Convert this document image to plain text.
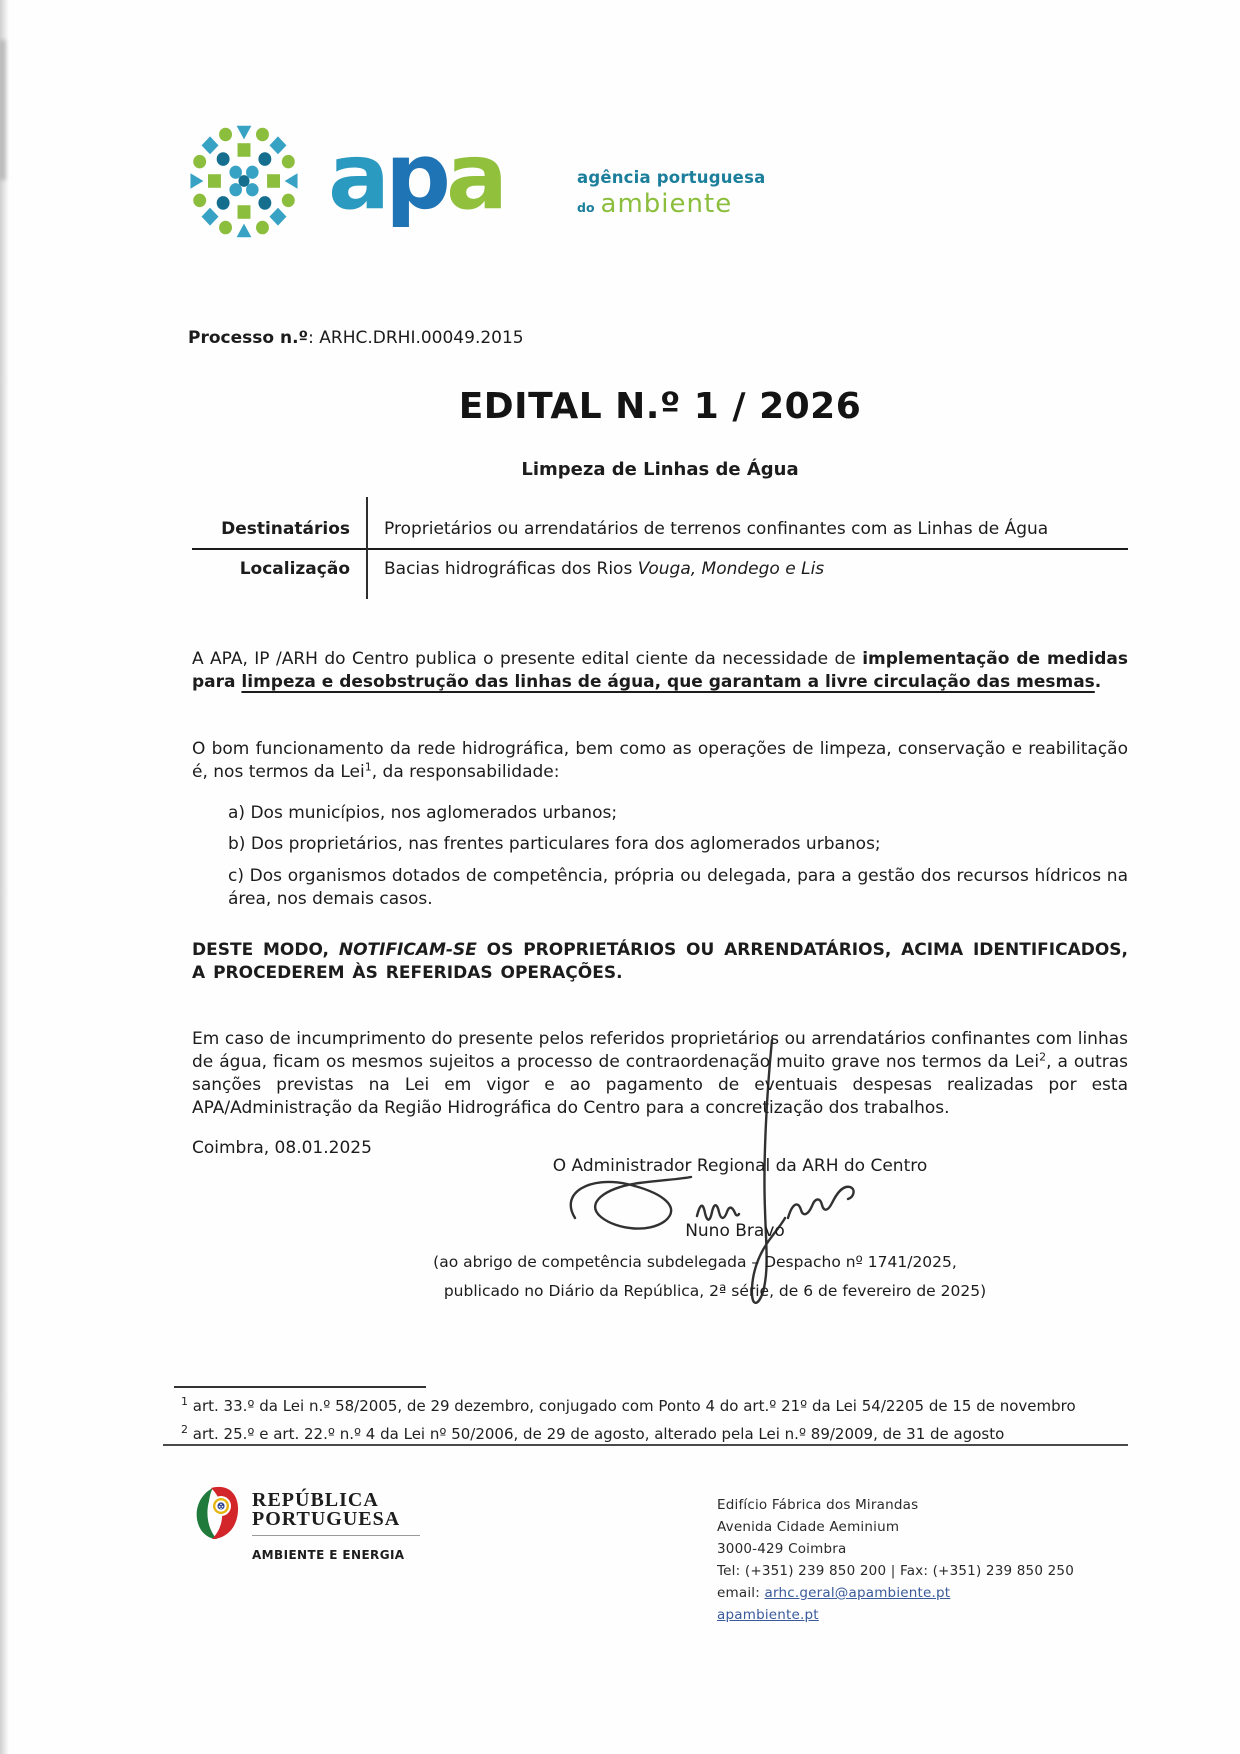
apa	agência portuguesa
do ambiente
Processo n.º: ARHC.DRHI.00049.2015
EDITAL N.º 1 / 2026
Limpeza de Linhas de Água
Destinatários	Proprietários ou arrendatários de terrenos confinantes com as Linhas de Água
Localização	Bacias hidrográficas dos Rios Vouga, Mondego e Lis

A APA, IP /ARH do Centro publica o presente edital ciente da necessidade de implementação de medidas para limpeza e desobstrução das linhas de água, que garantam a livre circulação das mesmas.

O bom funcionamento da rede hidrográfica, bem como as operações de limpeza, conservação e reabilitação é, nos termos da Lei$^1$, da responsabilidade:

a) Dos municípios, nos aglomerados urbanos;

b) Dos proprietários, nas frentes particulares fora dos aglomerados urbanos;

c) Dos organismos dotados de competência, própria ou delegada, para a gestão dos recursos hídricos na área, nos demais casos.

DESTE MODO, NOTIFICAM-SE OS PROPRIETÁRIOS OU ARRENDATÁRIOS, ACIMA IDENTIFICADOS, A PROCEDEREM ÀS REFERIDAS OPERAÇÕES.

Em caso de incumprimento do presente pelos referidos proprietários ou arrendatários confinantes com linhas de água, ficam os mesmos sujeitos a processo de contraordenação muito grave nos termos da Lei$^2$, a outras sanções previstas na Lei em vigor e ao pagamento de eventuais despesas realizadas por esta APA/Administração da Região Hidrográfica do Centro para a concretização dos trabalhos.

Coimbra, 08.01.2025

O Administrador Regional da ARH do Centro
Nuno Bravo
(ao abrigo de competência subdelegada – Despacho nº 1741/2025,
publicado no Diário da República, 2ª série, de 6 de fevereiro de 2025)
$^1$ art. 33.º da Lei n.º 58/2005, de 29 dezembro, conjugado com Ponto 4 do art.º 21º da Lei 54/2205 de 15 de novembro
$^2$ art. 25.º e art. 22.º n.º 4 da Lei nº 50/2006, de 29 de agosto, alterado pela Lei n.º 89/2009, de 31 de agosto
REPÚBLICA
PORTUGUESA
AMBIENTE E ENERGIA
Edifício Fábrica dos Mirandas
Avenida Cidade Aeminium
3000-429 Coimbra
Tel: (+351) 239 850 200 | Fax: (+351) 239 850 250
email: arhc.geral@apambiente.pt
apambiente.pt
